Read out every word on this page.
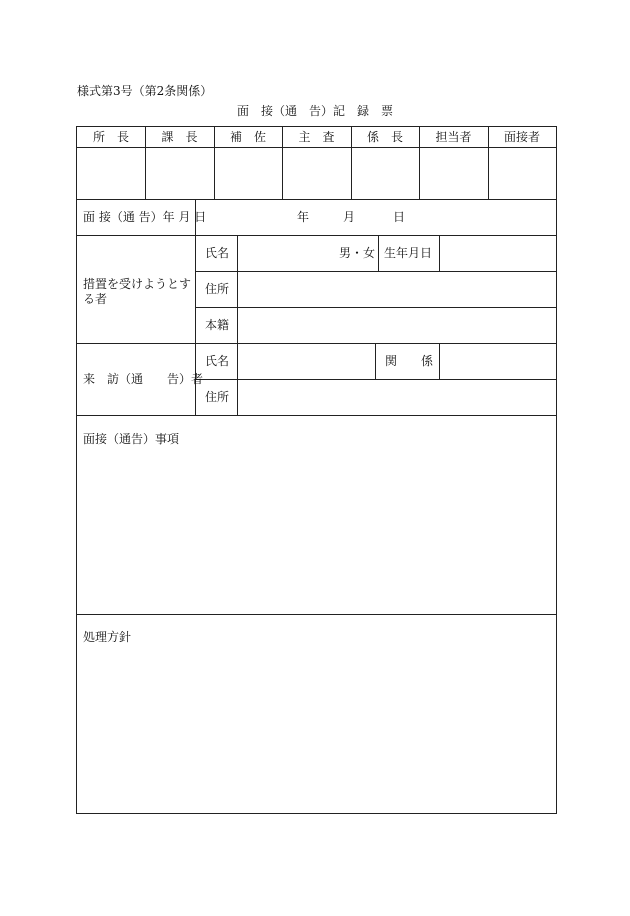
様式第3号（第2条関係）
面　接（通　告）記　録　票
所　長	課　長	補　佐	主　査	係　長	担当者	面接者
面 接（通 告）年 月 日	年	月	日
措置を受けようとす
る者
氏名	男・女 生年月日
住所
本籍
来　訪（通　　告）者
氏名	関　　係
住所
面接（通告）事項
処理方針
